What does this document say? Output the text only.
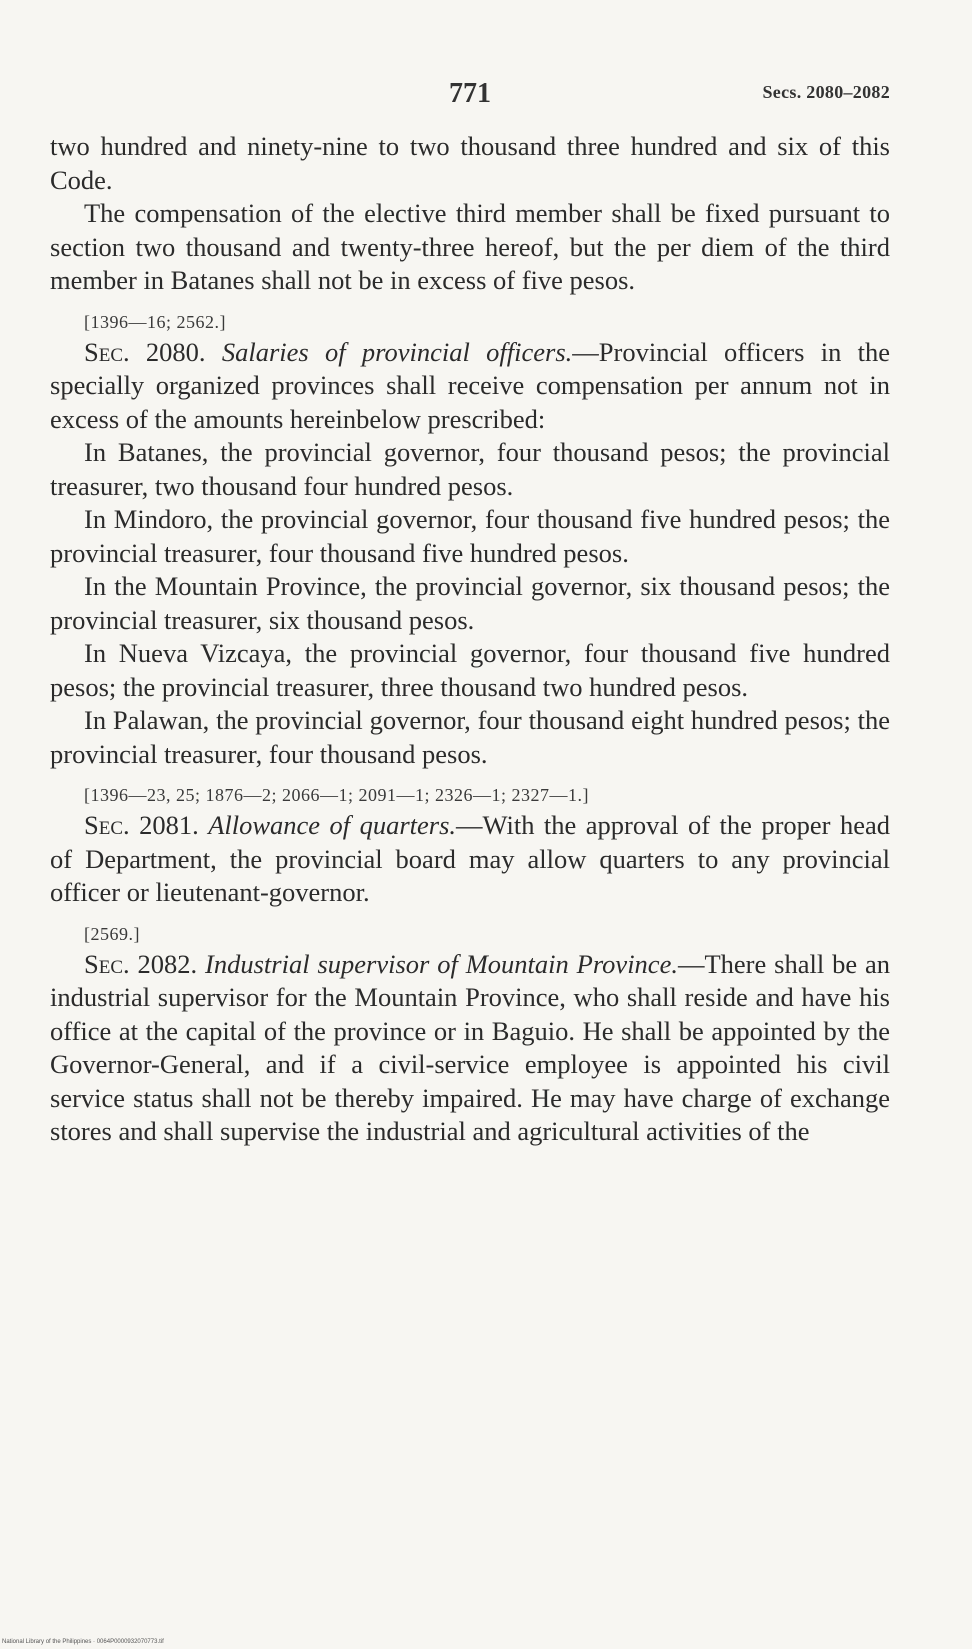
771	Secs. 2080–2082

two hundred and ninety-nine to two thousand three hundred and six of this Code.

The compensation of the elective third member shall be fixed pursuant to section two thousand and twenty-three hereof, but the per diem of the third member in Batanes shall not be in excess of five pesos.

[1396—16; 2562.]

Sec. 2080. Salaries of provincial officers.—Provincial officers in the specially organized provinces shall receive compensation per annum not in excess of the amounts hereinbelow prescribed:

In Batanes, the provincial governor, four thousand pesos; the provincial treasurer, two thousand four hundred pesos.

In Mindoro, the provincial governor, four thousand five hundred pesos; the provincial treasurer, four thousand five hundred pesos.

In the Mountain Province, the provincial governor, six thousand pesos; the provincial treasurer, six thousand pesos.

In Nueva Vizcaya, the provincial governor, four thousand five hundred pesos; the provincial treasurer, three thousand two hundred pesos.

In Palawan, the provincial governor, four thousand eight hundred pesos; the provincial treasurer, four thousand pesos.

[1396—23, 25; 1876—2; 2066—1; 2091—1; 2326—1; 2327—1.]

Sec. 2081. Allowance of quarters.—With the approval of the proper head of Department, the provincial board may allow quarters to any provincial officer or lieutenant-governor.

[2569.]

Sec. 2082. Industrial supervisor of Mountain Province.—There shall be an industrial supervisor for the Mountain Province, who shall reside and have his office at the capital of the province or in Baguio. He shall be appointed by the Governor-General, and if a civil-service employee is appointed his civil service status shall not be thereby impaired. He may have charge of exchange stores and shall supervise the industrial and agricultural activities of the

National Library of the Philippines · 0064P0000932070773.tif
